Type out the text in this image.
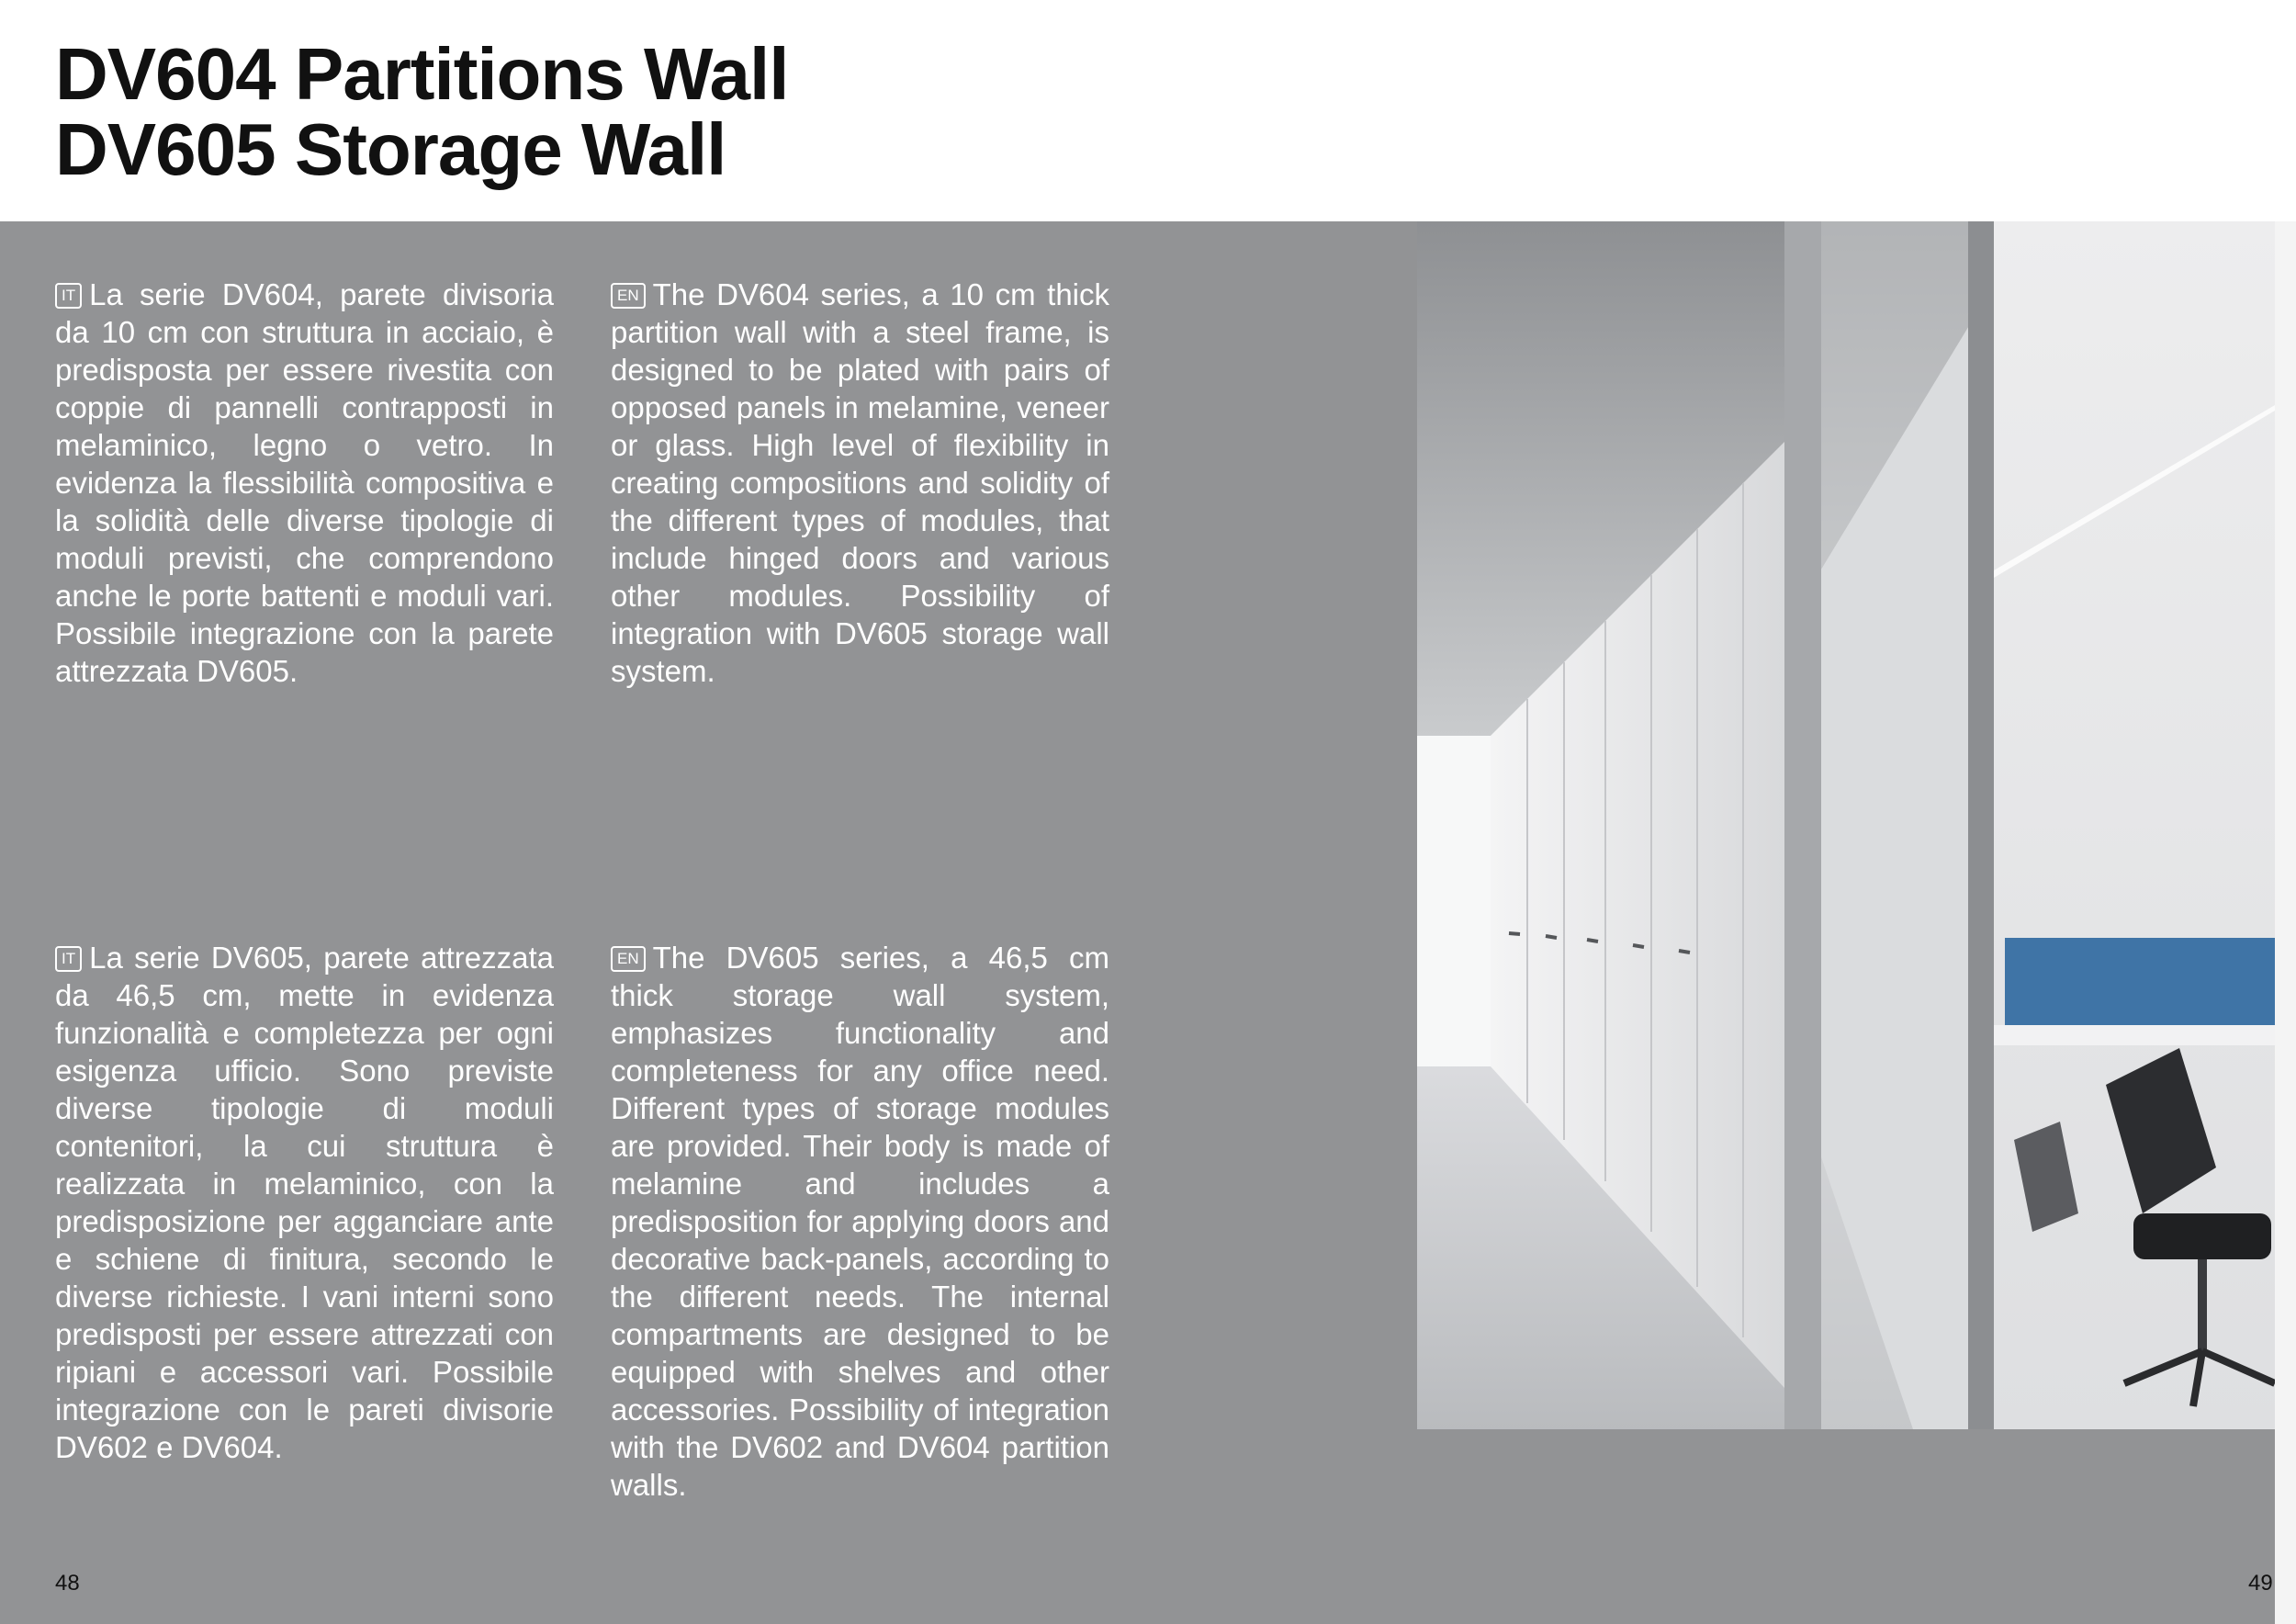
DV604 Partitions Wall
DV605 Storage Wall

IT La serie DV604, parete divisoria da 10 cm con struttura in acciaio, è predisposta per essere rivestita con coppie di pannelli contrapposti in melaminico, legno o vetro. In evidenza la flessibilità compositiva e la solidità delle diverse tipologie di moduli previsti, che comprendono anche le porte battenti e moduli vari. Possibile integrazione con la parete attrezzata DV605.

EN The DV604 series, a 10 cm thick partition wall with a steel frame, is designed to be plated with pairs of opposed panels in melamine, veneer or glass. High level of flexibility in creating compositions and solidity of the different types of modules, that include hinged doors and various other modules. Possibility of integration with DV605 storage wall system.

IT La serie DV605, parete attrezzata da 46,5 cm, mette in evidenza funzionalità e completezza per ogni esigenza ufficio. Sono previste diverse tipologie di moduli contenitori, la cui struttura è realizzata in melaminico, con la predisposizione per agganciare ante e schiene di finitura, secondo le diverse richieste. I vani interni sono predisposti per essere attrezzati con ripiani e accessori vari. Possibile integrazione con le pareti divisorie DV602 e DV604.

EN The DV605 series, a 46,5 cm thick storage wall system, emphasizes functionality and completeness for any office need. Different types of storage modules are provided. Their body is made of melamine and includes a predisposition for applying doors and decorative back-panels, according to the different needs. The internal compartments are designed to be equipped with shelves and other accessories. Possibility of integration with the DV602 and DV604 partition walls.

48	49
